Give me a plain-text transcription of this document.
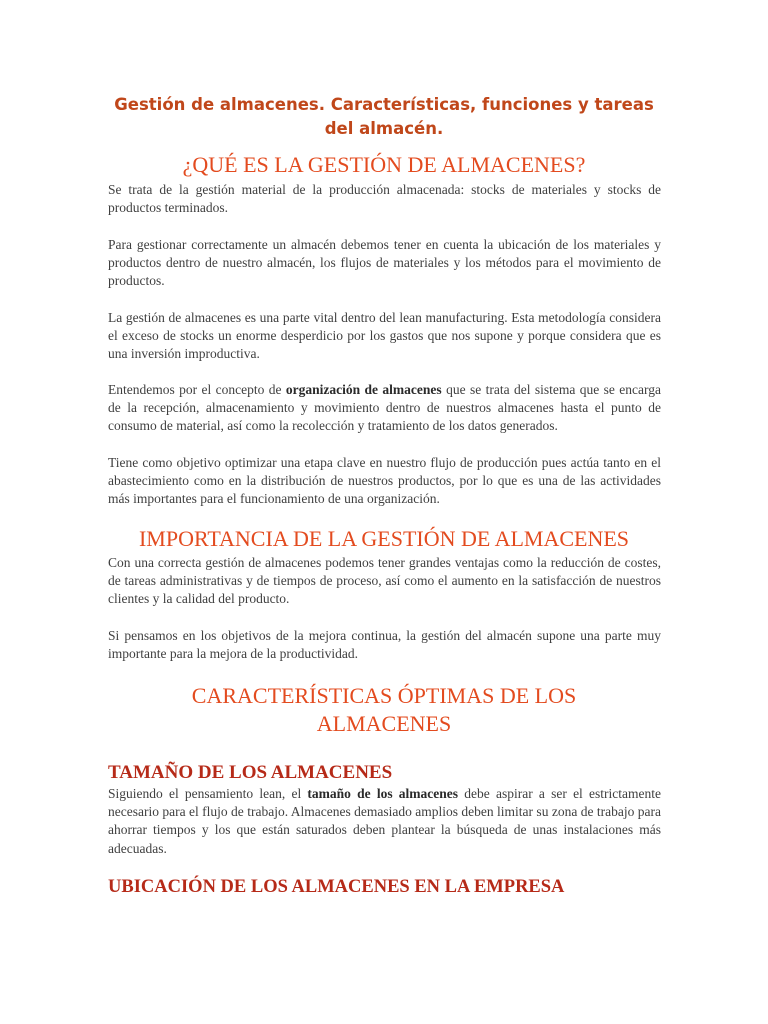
Gestión de almacenes. Características, funciones y tareas del almacén.
¿QUÉ ES LA GESTIÓN DE ALMACENES?

Se trata de la gestión material de la producción almacenada: stocks de materiales y stocks de productos terminados.

Para gestionar correctamente un almacén debemos tener en cuenta la ubicación de los materiales y productos dentro de nuestro almacén, los flujos de materiales y los métodos para el movimiento de productos.

La gestión de almacenes es una parte vital dentro del lean manufacturing. Esta metodología considera el exceso de stocks un enorme desperdicio por los gastos que nos supone y porque considera que es una inversión improductiva.

Entendemos por el concepto de organización de almacenes que se trata del sistema que se encarga de la recepción, almacenamiento y movimiento dentro de nuestros almacenes hasta el punto de consumo de material, así como la recolección y tratamiento de los datos generados.

Tiene como objetivo optimizar una etapa clave en nuestro flujo de producción pues actúa tanto en el abastecimiento como en la distribución de nuestros productos, por lo que es una de las actividades más importantes para el funcionamiento de una organización.

IMPORTANCIA DE LA GESTIÓN DE ALMACENES

Con una correcta gestión de almacenes podemos tener grandes ventajas como la reducción de costes, de tareas administrativas y de tiempos de proceso, así como el aumento en la satisfacción de nuestros clientes y la calidad del producto.

Si pensamos en los objetivos de la mejora continua, la gestión del almacén supone una parte muy importante para la mejora de la productividad.

CARACTERÍSTICAS ÓPTIMAS DE LOS ALMACENES
TAMAÑO DE LOS ALMACENES

Siguiendo el pensamiento lean, el tamaño de los almacenes debe aspirar a ser el estrictamente necesario para el flujo de trabajo. Almacenes demasiado amplios deben limitar su zona de trabajo para ahorrar tiempos y los que están saturados deben plantear la búsqueda de unas instalaciones más adecuadas.

UBICACIÓN DE LOS ALMACENES EN LA EMPRESA
